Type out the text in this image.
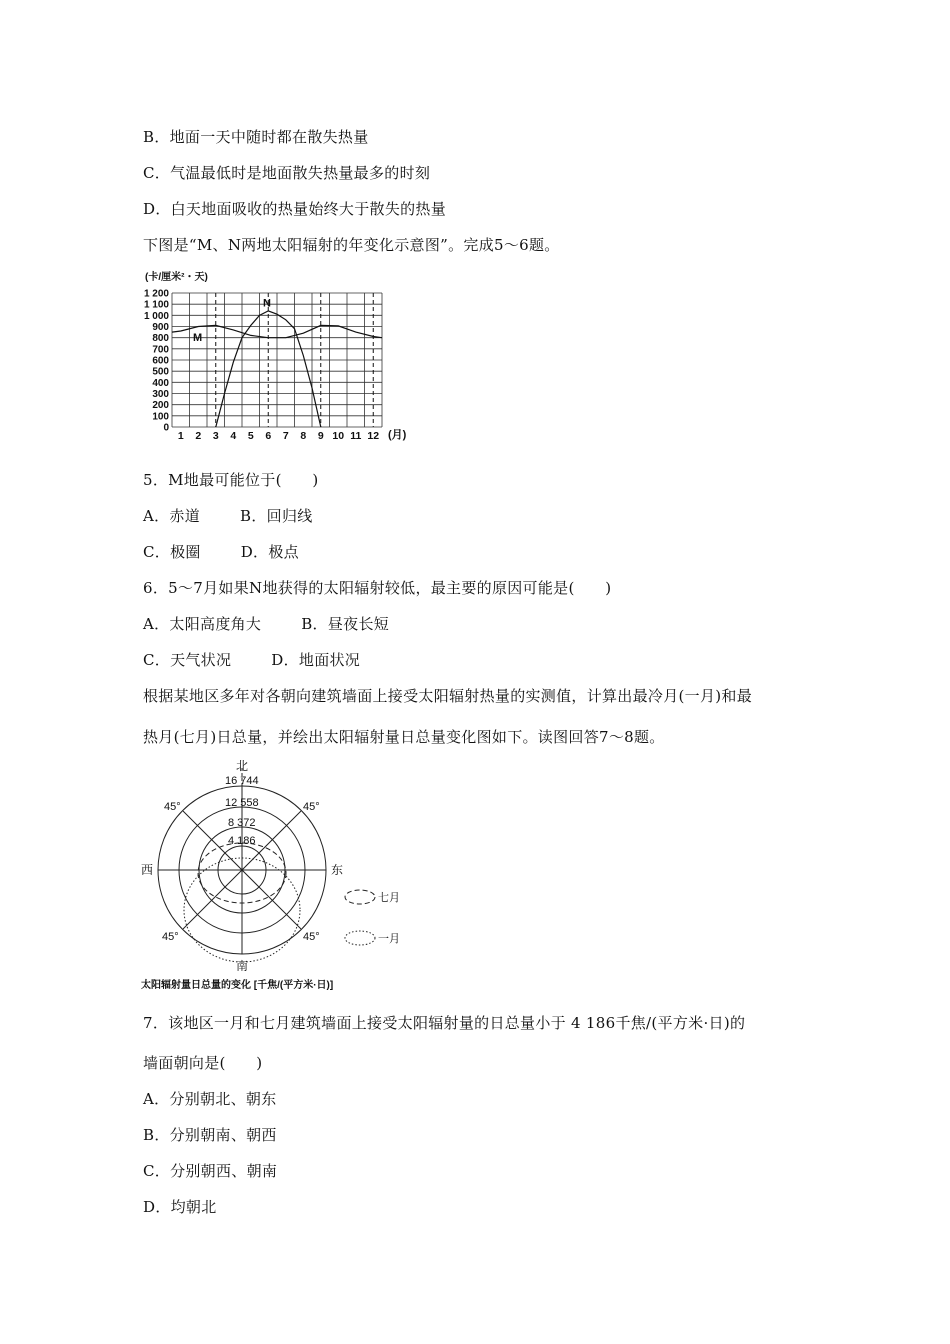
B．地面一天中随时都在散失热量
C．气温最低时是地面散失热量最多的时刻
D．白天地面吸收的热量始终大于散失的热量
下图是“M、N两地太阳辐射的年变化示意图”。完成5～6题。
(卡/厘米²・天)
0
100
200
300
400
500
600
700
800
900
1 000
1 100
1 200
1 2 3 4 5 6 7 8 9 10 11 12 (月)
M
N
5．M地最可能位于(　　)
A．赤道	B．回归线
C．极圈	D．极点
6．5～7月如果N地获得的太阳辐射较低，最主要的原因可能是(　　)
A．太阳高度角大	B．昼夜长短
C．天气状况	D．地面状况
根据某地区多年对各朝向建筑墙面上接受太阳辐射热量的实测值，计算出最冷月(一月)和最
热月(七月)日总量，并绘出太阳辐射量日总量变化图如下。读图回答7～8题。
北
南
西	东
45°	45°
45°	45°
16 744
12 558
8 372
4 186
七月
一月
太阳辐射量日总量的变化 [千焦/(平方米·日)]
7．该地区一月和七月建筑墙面上接受太阳辐射量的日总量小于 4 186千焦/(平方米·日)的
墙面朝向是(　　)
A．分别朝北、朝东
B．分别朝南、朝西
C．分别朝西、朝南
D．均朝北
